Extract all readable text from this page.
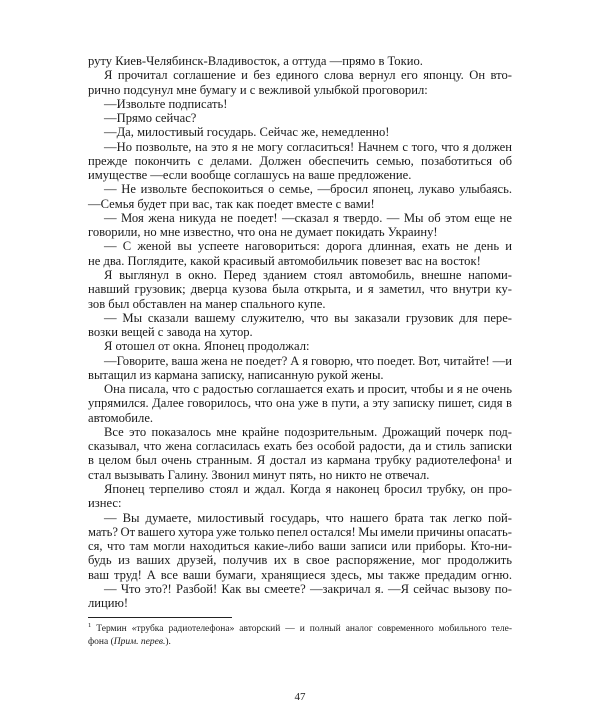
руту Киев-Челябинск-Владивосток, а оттуда —прямо в Токио.
Я прочитал соглашение и без единого слова вернул его японцу. Он вто-
рично подсунул мне бумагу и с вежливой улыбкой проговорил:
—Извольте подписать!
—Прямо сейчас?
—Да, милостивый государь. Сейчас же, немедленно!
—Но позвольте, на это я не могу согласиться! Начнем с того, что я должен
прежде покончить с делами. Должен обеспечить семью, позаботиться об
имуществе —если вообще соглашусь на ваше предложение.
— Не извольте беспокоиться о семье, —бросил японец, лукаво улыбаясь.
—Семья будет при вас, так как поедет вместе с вами!
— Моя жена никуда не поедет! —сказал я твердо. — Мы об этом еще не
говорили, но мне известно, что она не думает покидать Украину!
— С женой вы успеете наговориться: дорога длинная, ехать не день и
не два. Поглядите, какой красивый автомобильчик повезет вас на восток!
Я выглянул в окно. Перед зданием стоял автомобиль, внешне напоми-
навший грузовик; дверца кузова была открыта, и я заметил, что внутри ку-
зов был обставлен на манер спального купе.
— Мы сказали вашему служителю, что вы заказали грузовик для пере-
возки вещей с завода на хутор.
Я отошел от окна. Японец продолжал:
—Говорите, ваша жена не поедет? А я говорю, что поедет. Вот, читайте! —и
вытащил из кармана записку, написанную рукой жены.
Она писала, что с радостью соглашается ехать и просит, чтобы и я не очень
упрямился. Далее говорилось, что она уже в пути, а эту записку пишет, сидя в
автомобиле.
Все это показалось мне крайне подозрительным. Дрожащий почерк под-
сказывал, что жена согласилась ехать без особой радости, да и стиль записки
в целом был очень странным. Я достал из кармана трубку радиотелефона¹ и
стал вызывать Галину. Звонил минут пять, но никто не отвечал.
Японец терпеливо стоял и ждал. Когда я наконец бросил трубку, он про-
изнес:
— Вы думаете, милостивый государь, что нашего брата так легко пой-
мать? От вашего хутора уже только пепел остался! Мы имели причины опасать-
ся, что там могли находиться какие-либо ваши записи или приборы. Кто-ни-
будь из ваших друзей, получив их в свое распоряжение, мог продолжить
ваш труд! А все ваши бумаги, хранящиеся здесь, мы также предадим огню.
— Что это?! Разбой! Как вы смеете? —закричал я. —Я сейчас вызову по-
лицию!
$^1$ Термин «трубка радиотелефона» авторский — и полный аналог современного мобильного теле-
фона (Прим. перев.).
47
